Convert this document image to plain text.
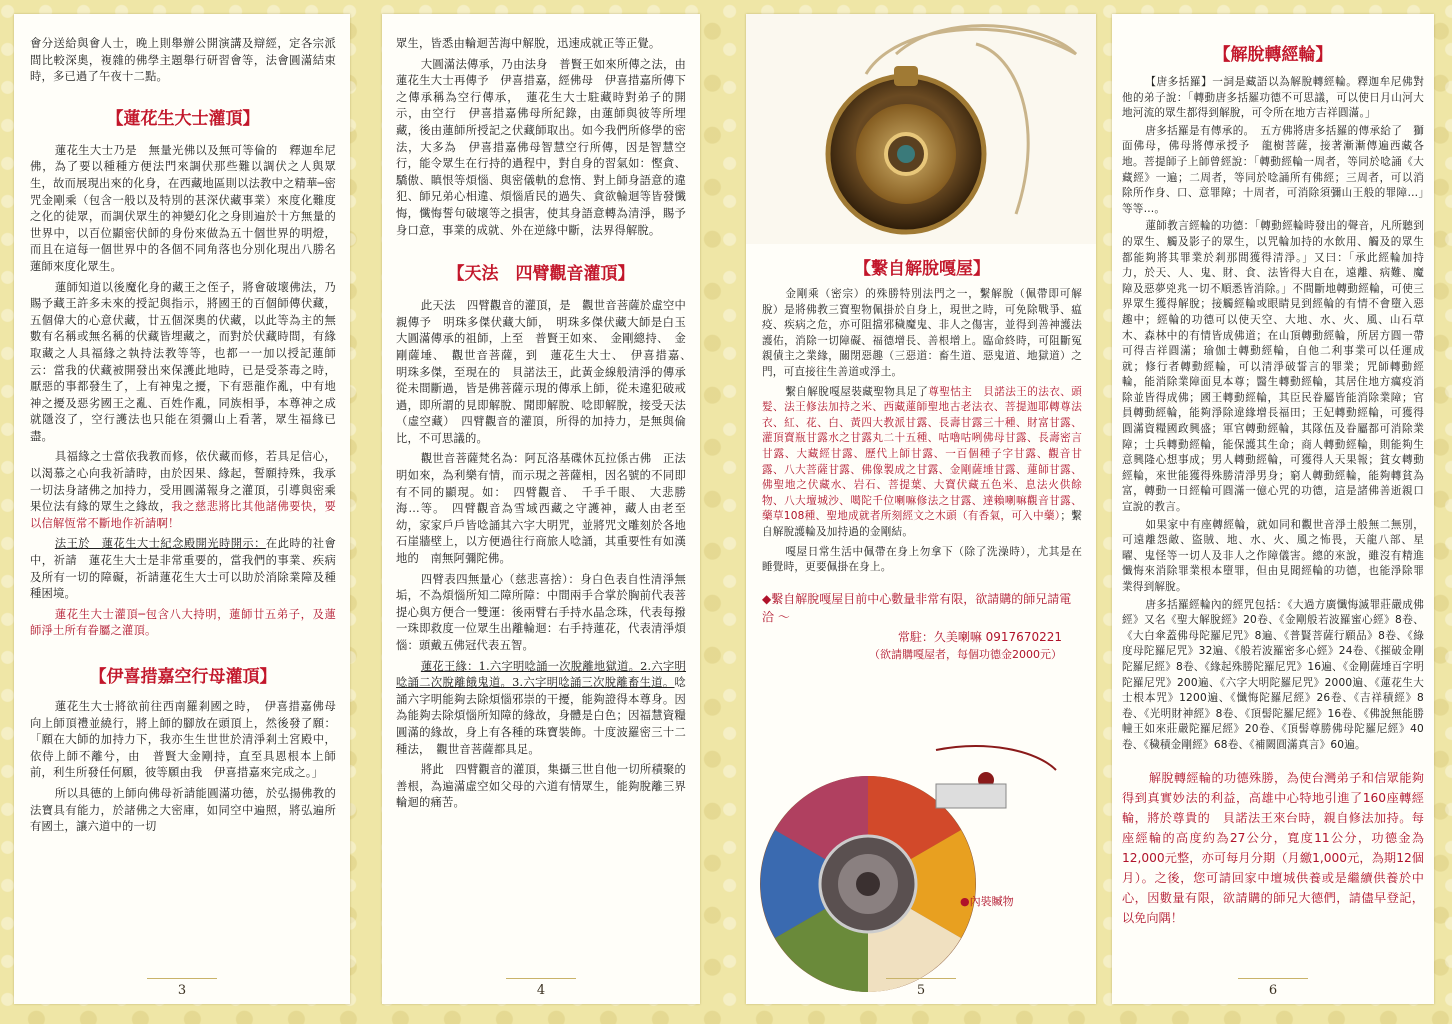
會分送給與會人士，晚上則舉辦公開演講及辯經，定各宗派間比較深奧，複雜的佛學主題舉行研習會等，法會圓滿結束時，多已過了午夜十二點。

【蓮花生大士灌頂】

蓮花生大士乃是　無量光佛以及無可等倫的　釋迦牟尼佛，為了要以種種方便法門來調伏那些難以調伏之人與眾生，故而展現出來的化身，在西藏地區則以法教中之精華─密咒金剛乘（包含一般以及特別的甚深伏藏事業）來度化難度之化的徒眾，而調伏眾生的神變幻化之身則遍於十方無量的世界中，以百位顯密伏師的身份來做為五十個世界的明燈，而且在這每一個世界中的各個不同角落也分別化現出八勝名蓮師來度化眾生。

蓮師知道以後魔化身的藏王之侄子，將會破壞佛法，乃賜予藏王許多未來的授記與指示，將國王的百個師傳伏藏，五個偉大的心意伏藏，廿五個深奧的伏藏，以此等為主的無數有名稱或無名稱的伏藏皆埋藏之，而對於伏藏時間，有緣取藏之人具福緣之執持法教等等，也都一一加以授記蓮師云：當我的伏藏被開發出來保護此地時，已是受茶毒之時，厭惡的事都發生了，上有神鬼之擾，下有惡龍作亂，中有地神之擾及惡劣國王之亂、百姓作亂，同族相爭，本尊神之成就隱沒了，空行護法也只能在須彌山上看著，眾生福緣已盡。

具福緣之士當依我教而修，依伏藏而修，若具足信心，以渴慕之心向我祈請時，由於因果、緣起，誓願持殊，我承一切法身諸佛之加持力，受用圓滿報身之灌頂，引導與密乘果位法有緣的眾生之緣故，我之慈悲將比其他諸佛要快，要以信解恆常不斷地作祈請啊！

法王於　蓮花生大士紀念殿開光時開示：在此時的社會中，祈請　蓮花生大士是非常重要的，當我們的事業、疾病及所有一切的障礙，祈請蓮花生大士可以助於消除業障及種種困境。

蓮花生大士灌頂─包含八大持明，蓮師廿五弟子，及蓮師淨土所有眷屬之灌頂。

【伊喜措嘉空行母灌頂】

蓮花生大士將欲前往西南羅剎國之時，　伊喜措嘉佛母向上師頂禮並繞行，將上師的腳放在頭頂上，然後發了願：「願在大師的加持力下，我亦生生世世於清淨剎土宮殿中，依侍上師不離兮，由　普賢大金剛持，直至具恩根本上師前，利生所發任何願，彼等願由我　伊喜措嘉來完成之。」

所以具德的上師向佛母祈請能圓滿功德，於弘揚佛教的法寶具有能力，於諸佛之大密庫，如同空中遍照，將弘遍所有國土，讓六道中的一切

3

眾生，皆悉由輪迴苦海中解脫，迅速成就正等正覺。

大圓滿法傳承，乃由法身　普賢王如來所傳之法，由　蓮花生大士再傳予　伊喜措嘉，經佛母　伊喜措嘉所傳下之傳承稱為空行傳承，　蓮花生大士駐藏時對弟子的開示，由空行　伊喜措嘉佛母所紀錄，由蓮師與彼等所埋藏，後由蓮師所授記之伏藏師取出。如今我們所修學的密法，大多為　伊喜措嘉佛母智慧空行所傳，因是智慧空行，能令眾生在行持的過程中，對自身的習氣如：慳貪、驕傲、瞋恨等煩惱、與密儀軌的怠惰、對上師身語意的違犯、師兄弟心相違、煩惱盾民的過失、貪欲輪迴等皆發懺悔，懺悔誓句破壞等之損害，使其身語意轉為清淨，賜予身口意，事業的成就、外在逆緣中斷，法界得解脫。

【天法　四臂觀音灌頂】

此天法　四臂觀音的灌頂，是　觀世音菩薩於虛空中親傳予　明珠多傑伏藏大師，　明珠多傑伏藏大師是白玉大圓滿傳承的祖師，上至　普賢王如來、　金剛總持、　金剛薩埵、　觀世音菩薩，到　蓮花生大士、　伊喜措嘉、　明珠多傑，至現在的　貝諾法王，此黃金線般清淨的傳承從未間斷過，皆是佛菩薩示現的傳承上師，從未違犯破戒過，即所謂的見即解脫、聞即解脫、唸即解脫，接受天法（虛空藏）　四臂觀音的灌頂，所得的加持力，是無與倫比，不可思議的。

觀世音菩薩梵名為：阿瓦洛基碟休瓦拉係古佛　正法明如來，為利樂有情，而示現之菩薩相，因名號的不同即有不同的顯現。如：　四臂觀音、　千手千眼、　大悲勝海…等。　四臂觀音為雪域西藏之守護神，藏人由老至幼，家家戶戶皆唸誦其六字大明咒，並將咒文雕刻於各地石崖牆壁上，以方便過往行商旅人唸誦，其重要性有如漢地的　南無阿彌陀佛。

四臂表四無量心（慈悲喜捨）：身白色表自性清淨無垢，不為煩惱所知二障所障：中間兩手合掌於胸前代表菩提心與方便合一雙運：後兩臂右手持水晶念珠，代表每撥一珠即救度一位眾生出離輪迴：右手持蓮花，代表清淨煩惱：頭戴五佛冠代表五智。

蓮花王緣：1.六字明唸誦一次脫離地獄道。2.六字明唸誦二次脫離餓鬼道。3.六字明唸誦三次脫離畜生道。唸誦六字明能夠去除煩惱邪崇的干擾，能夠證得本尊身。因為能夠去除煩惱所知障的緣故，身體是白色；因福慧資糧圓滿的緣故，身上有各種的珠寶裝飾。十度波羅密三十二種法，　觀世音菩薩都具足。

將此　四臂觀音的灌頂，集攝三世自他一切所積聚的善根，為遍滿虛空如父母的六道有情眾生，能夠脫離三界輪迴的痛苦。

4

【繫自解脫嘎屋】

金剛乘（密宗）的殊勝特別法門之一，繫解脫（佩帶即可解脫）是將佛教三寶聖物佩掛於自身上，現世之時，可免除戰爭、瘟疫、疾病之危，亦可阻擋邪穢魔鬼、非人之傷害，並得到善神護法護佑，消除一切障礙、福德增長、善根增上。臨命終時，可阻斷冤親債主之業緣，關閉惡趣（三惡道：畜生道、惡鬼道、地獄道）之門，可直接往生善道或淨土。

繫自解脫嘎屋裝藏聖物具足了尊聖怙主　貝諾法王的法衣、頭髮、法王修法加持之米、西藏蓮師聖地古老法衣、菩提迦耶轉尊法衣、紅、花、白、黃四大教派甘露、長壽甘露三十種、財富甘露、灌頂寶瓶甘露水之甘露丸二十五種、咕嚕咕咧佛母甘露、長壽密言甘露、大藏經甘露、歷代上師甘露、一百個種子字甘露、觀音甘露、八大菩薩甘露、佛像製成之甘露、金剛薩埵甘露、蓮師甘露、佛聖地之伏藏水、岩石、菩提葉、大寶伏藏五色米、息法火供餘物、八大壇城沙、噶陀千位喇嘛修法之甘露、達賴喇嘛觀音甘露、藥草108種、聖地成就者所刻經文之木頭（有香氣，可入中藥）；繫自解脫護輪及加持過的金剛結。

嘎屋日常生活中佩帶在身上勿拿下（除了洗澡時），尤其是在睡覺時，更要佩掛在身上。

◆繫自解脫嘎屋目前中心數量非常有限，欲請購的師兄請電洽 ～

常駐：久美喇嘛 0917670221

（欲請購嘎屋者，每個功德金2000元）

●內裝贓物
5

【解脫轉經輪】

【唐多括羅】一詞是藏語以為解脫轉經輪。釋迦牟尼佛對他的弟子說：「轉動唐多括羅功德不可思議，可以使日月山河大地河流的眾生都得到解脫，可令所在地方吉祥圓滿。」

唐多括羅是有傳承的。　五方佛將唐多括羅的傳承給了　獅面佛母，佛母將傳承授予　龍樹菩薩，接著漸漸傳遍西藏各地。菩提師子上師曾經說：「轉動經輪一周者，等同於唸誦《大藏經》一遍；二周者，等同於唸誦所有佛經；三周者，可以消除所作身、口、意罪障；十周者，可消除須彌山王般的罪障…」等等…。

蓮師教言經輪的功德：「轉動經輪時發出的聲音，凡所聽到的眾生、觸及影子的眾生，以咒輪加持的水飲用、觸及的眾生都能夠將其罪業於剎那間獲得清淨。」又曰：「承此經輪加持力，於天、人、鬼、財、食、法皆得大自在，遠離、病難、魔障及惡夢兇兆一切不順悉皆消除。」不間斷地轉動經輪，可使三界眾生獲得解脫；接觸經輪或眼睛見到經輪的有情不會墮入惡趣中；經輪的功德可以使天空、大地、水、火、風、山石草木、森林中的有情皆成佛道；在山頂轉動經輪，所居方圓一帶可得吉祥圓滿；瑜伽士轉動經輪，自他二利事業可以任運成就；修行者轉動經輪，可以清淨破誓言的罪業；咒師轉動經輪，能消除業障面見本尊；醫生轉動經輪，其居住地方癘疫消除並皆得成佛；國王轉動經輪，其臣民眷屬皆能消除業障；官員轉動經輪，能夠淨除違緣增長福田；王妃轉動經輪，可獲得圓滿資糧國政興盛；軍官轉動經輪，其隊伍及眷屬都可消除業障；士兵轉動經輪，能保護其生命；商人轉動經輪，則能夠生意興隆心想事成；男人轉動經輪，可獲得人天果報；貧女轉動經輪，來世能獲得殊勝清淨男身；窮人轉動經輪，能夠轉貧為富，轉動一日經輪可圓滿一億心咒的功德，這是諸佛善逝親口宣說的教言。

如果家中有座轉經輪，就如同和觀世音淨土般無二無別，可遠離怨敵、盜賊、地、水、火、風之怖畏，天龍八部、星曜、鬼怪等一切人及非人之作障儀害。總的來說，雖沒有精進懺悔來消除罪業根本墮罪，但由見聞經輪的功德，也能淨除罪業得到解脫。

唐多括羅經輪內的經咒包括：《大過方廣懺悔滅罪莊嚴成佛經》又名《聖大解脫經》20卷、《金剛般若波羅蜜心經》8卷、《大白傘蓋佛母陀羅尼咒》8遍、《普賢菩薩行願品》8卷、《綠度母陀羅尼咒》32遍、《般若波羅密多心經》24卷、《摧破金剛陀羅尼經》8卷、《緣起殊勝陀羅尼咒》16遍、《金剛薩埵百字明陀羅尼咒》200遍、《六字大明陀羅尼咒》2000遍、《蓮花生大士根本咒》1200遍、《懺悔陀羅尼經》26卷、《吉祥積經》8卷、《光明財神經》8卷、《頂髻陀羅尼經》16卷、《佛說無能勝幢王如來莊嚴陀羅尼經》20卷、《頂髻尊勝佛母陀羅尼經》40卷、《穢積金剛經》68卷、《補闕圓滿真言》60遍。

解脫轉經輪的功德殊勝，為使台灣弟子和信眾能夠得到真實妙法的利益，高雄中心特地引進了160座轉經輪，將於尊貴的　貝諾法王來台時，親自修法加持。每座經輪的高度約為27公分，寬度11公分，功德金為12,000元整，亦可每月分期（月繳1,000元，為期12個月）。之後，您可請回家中壇城供養或是繼續供養於中心，因數量有限，欲請購的師兄大德們，請儘早登記，以免向隅！

6
